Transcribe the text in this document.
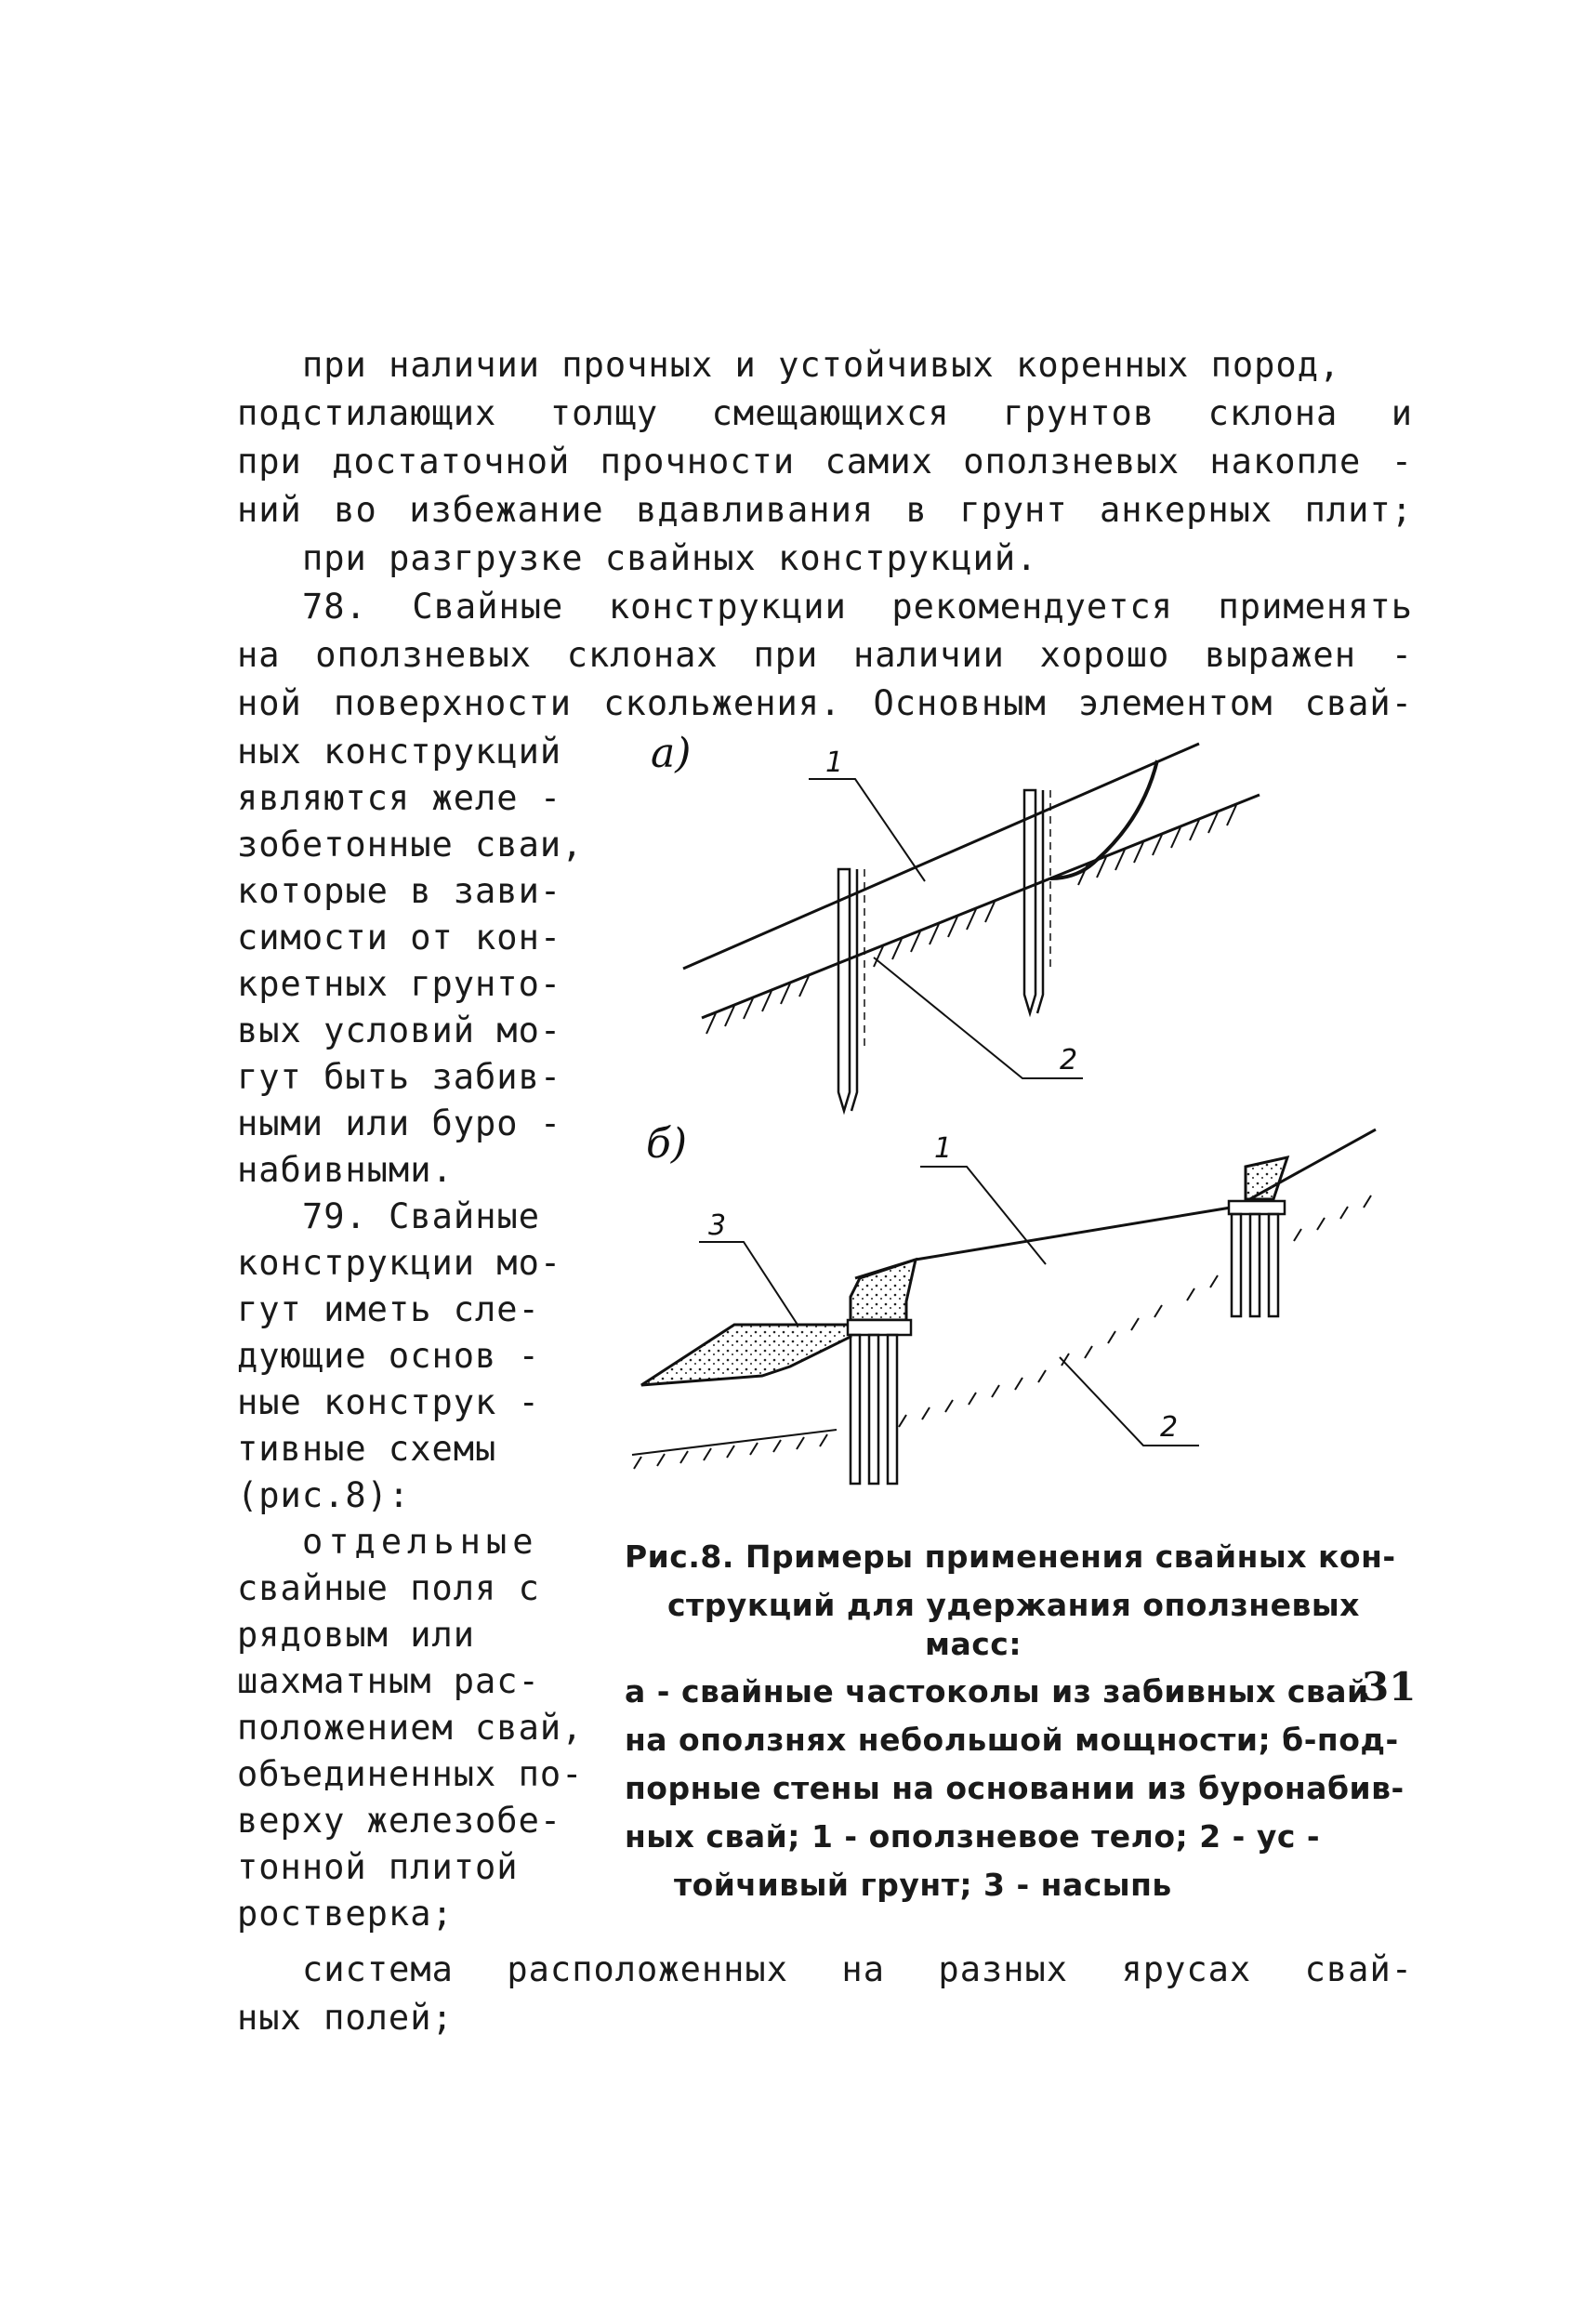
при наличии прочных и устойчивых коренных пород,
подстилающих толщу смещающихся грунтов склона и
при достаточной прочности самих оползневых накопле -
ний во избежание вдавливания в грунт анкерных плит;
при разгрузке свайных конструкций.
78. Свайные конструкции рекомендуется применять
на оползневых склонах при наличии хорошо выражен -
ной поверхности скольжения. Основным элементом свай-
ных конструкций
являются желе -
зобетонные сваи,
которые в зави-
симости от кон-
кретных грунто-
вых условий мо-
гут быть забив-
ными или буро -
набивными.
79. Свайные
конструкции мо-
гут иметь сле-
дующие основ -
ные конструк -
тивные схемы
(рис.8):
отдельные
свайные поля с
рядовым или
шахматным рас-
положением свай,
объединенных по-
верху железобе-
тонной плитой
ростверка;
система расположенных на разных ярусах свай-
ных полей;
а)	1
2
б)	1
2
3
Рис.8. Примеры применения свайных кон-
струкций для удержания оползневых
масс:
а - свайные частоколы из забивных свай
на оползнях небольшой мощности; б-под-
порные стены на основании из буронабив-
ных свай; 1 - оползневое тело; 2 - ус -
тойчивый грунт; 3 - насыпь
31
